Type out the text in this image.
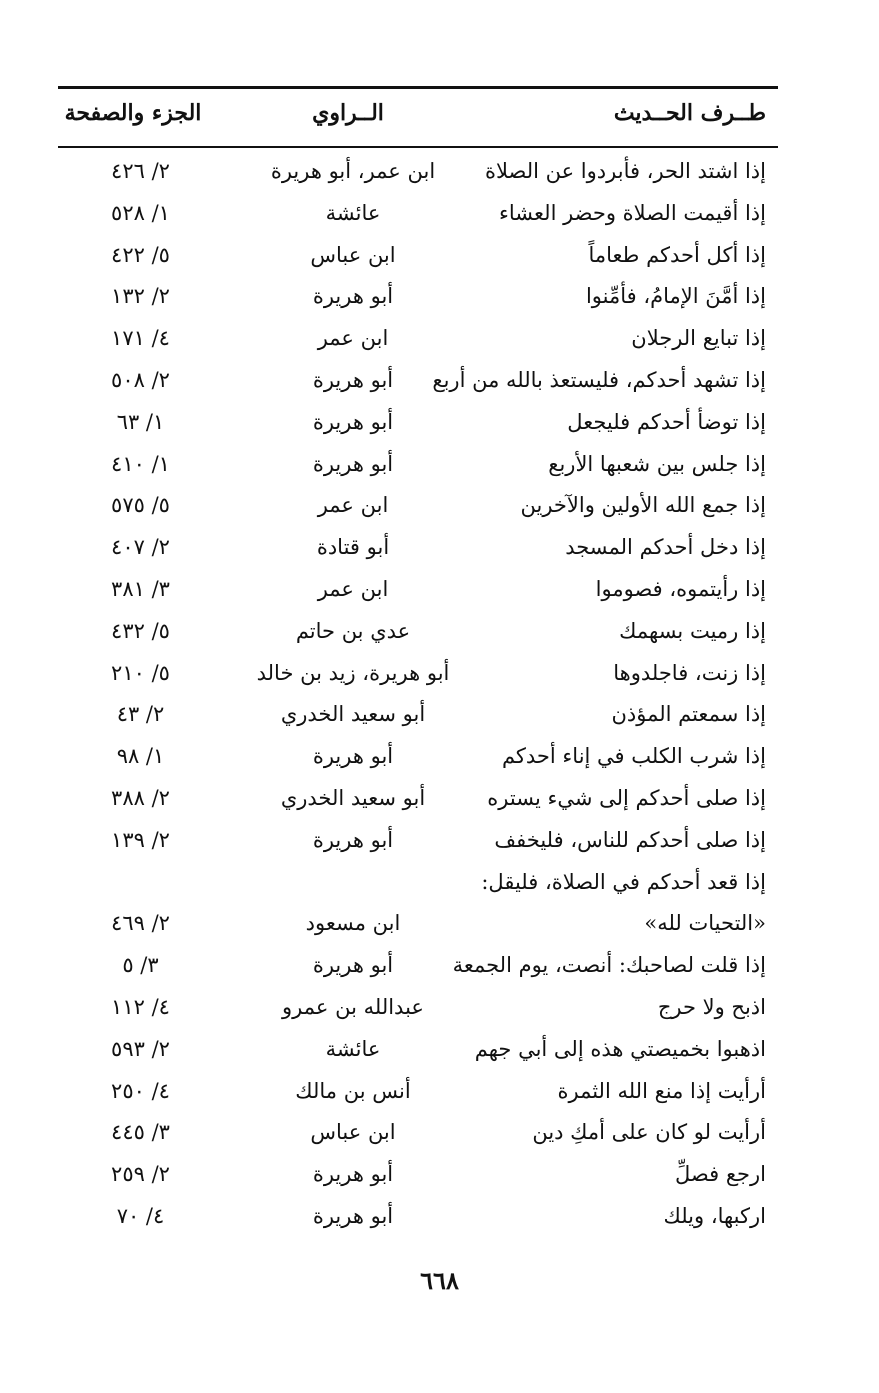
طــرف الحــديث
الــراوي
الجزء والصفحة
إذا اشتد الحر، فأبردوا عن الصلاة
ابن عمر، أبو هريرة
٢/ ٤٢٦
إذا أقيمت الصلاة وحضر العشاء
عائشة
١/ ٥٢٨
إذا أكل أحدكم طعاماً
ابن عباس
٥/ ٤٢٢
إذا أمَّنَ الإمامُ، فأمِّنوا
أبو هريرة
٢/ ١٣٢
إذا تبايع الرجلان
ابن عمر
٤/ ١٧١
إذا تشهد أحدكم، فليستعذ بالله من أربع
أبو هريرة
٢/ ٥٠٨
إذا توضأ أحدكم فليجعل
أبو هريرة
١/ ٦٣
إذا جلس بين شعبها الأربع
أبو هريرة
١/ ٤١٠
إذا جمع الله الأولين والآخرين
ابن عمر
٥/ ٥٧٥
إذا دخل أحدكم المسجد
أبو قتادة
٢/ ٤٠٧
إذا رأيتموه، فصوموا
ابن عمر
٣/ ٣٨١
إذا رميت بسهمك
عدي بن حاتم
٥/ ٤٣٢
إذا زنت، فاجلدوها
أبو هريرة، زيد بن خالد
٥/ ٢١٠
إذا سمعتم المؤذن
أبو سعيد الخدري
٢/ ٤٣
إذا شرب الكلب في إناء أحدكم
أبو هريرة
١/ ٩٨
إذا صلى أحدكم إلى شيء يستره
أبو سعيد الخدري
٢/ ٣٨٨
إذا صلى أحدكم للناس، فليخفف
أبو هريرة
٢/ ١٣٩
إذا قعد أحدكم في الصلاة، فليقل:
«التحيات لله»
ابن مسعود
٢/ ٤٦٩
إذا قلت لصاحبك: أنصت، يوم الجمعة
أبو هريرة
٣/ ٥
اذبح ولا حرج
عبدالله بن عمرو
٤/ ١١٢
اذهبوا بخميصتي هذه إلى أبي جهم
عائشة
٢/ ٥٩٣
أرأيت إذا منع الله الثمرة
أنس بن مالك
٤/ ٢٥٠
أرأيت لو كان على أمكِ دين
ابن عباس
٣/ ٤٤٥
ارجع فصلِّ
أبو هريرة
٢/ ٢٥٩
اركبها، ويلك
أبو هريرة
٤/ ٧٠
٦٦٨
